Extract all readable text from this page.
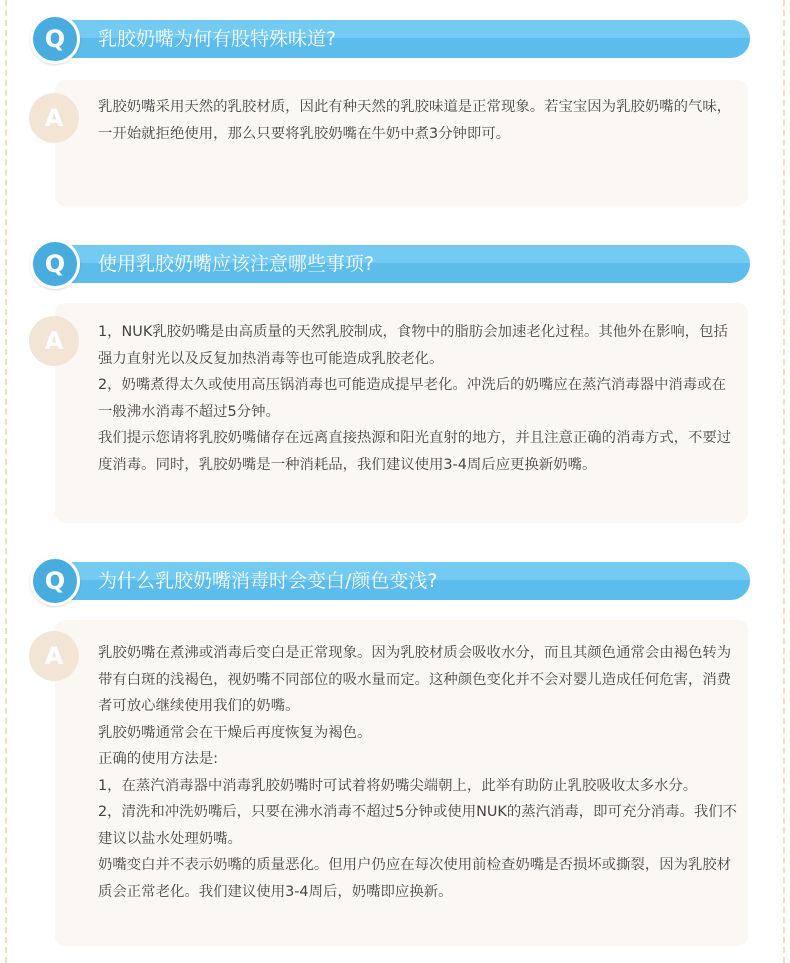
乳胶奶嘴为何有股特殊味道?
Q

乳胶奶嘴采用天然的乳胶材质，因此有种天然的乳胶味道是正常现象。若宝宝因为乳胶奶嘴的气味，一开始就拒绝使用，那么只要将乳胶奶嘴在牛奶中煮3分钟即可。

A
使用乳胶奶嘴应该注意哪些事项?
Q

1，NUK乳胶奶嘴是由高质量的天然乳胶制成，食物中的脂肪会加速老化过程。其他外在影响，包括强力直射光以及反复加热消毒等也可能造成乳胶老化。

2，奶嘴煮得太久或使用高压锅消毒也可能造成提早老化。冲洗后的奶嘴应在蒸汽消毒器中消毒或在一般沸水消毒不超过5分钟。

我们提示您请将乳胶奶嘴储存在远离直接热源和阳光直射的地方，并且注意正确的消毒方式，不要过度消毒。同时，乳胶奶嘴是一种消耗品，我们建议使用3-4周后应更换新奶嘴。

A
为什么乳胶奶嘴消毒时会变白/颜色变浅?
Q

乳胶奶嘴在煮沸或消毒后变白是正常现象。因为乳胶材质会吸收水分，而且其颜色通常会由褐色转为带有白斑的浅褐色，视奶嘴不同部位的吸水量而定。这种颜色变化并不会对婴儿造成任何危害，消费者可放心继续使用我们的奶嘴。

乳胶奶嘴通常会在干燥后再度恢复为褐色。

正确的使用方法是:

1，在蒸汽消毒器中消毒乳胶奶嘴时可试着将奶嘴尖端朝上，此举有助防止乳胶吸收太多水分。

2，清洗和冲洗奶嘴后，只要在沸水消毒不超过5分钟或使用NUK的蒸汽消毒，即可充分消毒。我们不建议以盐水处理奶嘴。

奶嘴变白并不表示奶嘴的质量恶化。但用户仍应在每次使用前检查奶嘴是否损坏或撕裂，因为乳胶材质会正常老化。我们建议使用3-4周后，奶嘴即应换新。

A
